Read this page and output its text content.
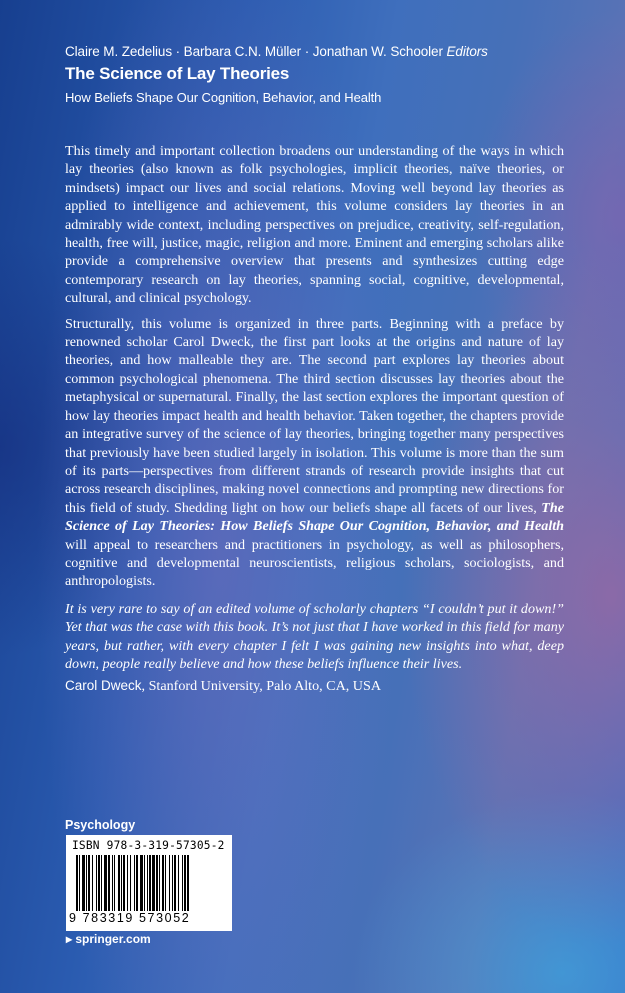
Claire M. Zedelius · Barbara C.N. Müller · Jonathan W. Schooler Editors
The Science of Lay Theories
How Beliefs Shape Our Cognition, Behavior, and Health

This timely and important collection broadens our understanding of the ways in which lay theories (also known as folk psychologies, implicit theories, naïve theories, or mindsets) impact our lives and social relations. Moving well beyond lay theories as applied to intelligence and achievement, this volume considers lay theories in an admirably wide context, including perspectives on prejudice, creativity, self-regulation, health, free will, justice, magic, religion and more. Eminent and emerging scholars alike provide a comprehensive overview that presents and synthesizes cutting edge contemporary research on lay theories, spanning social, cognitive, developmental, cultural, and clinical psychology.

Structurally, this volume is organized in three parts. Beginning with a preface by renowned scholar Carol Dweck, the first part looks at the origins and nature of lay theories, and how malleable they are. The second part explores lay theories about common psychological phenomena. The third section discusses lay theories about the metaphysical or supernatural. Finally, the last section explores the important question of how lay theories impact health and health behavior. Taken together, the chapters provide an integrative survey of the science of lay theories, bringing together many perspectives that previously have been studied largely in isolation. This volume is more than the sum of its parts—perspectives from different strands of research provide insights that cut across research disciplines, making novel connections and prompting new directions for this field of study. Shedding light on how our beliefs shape all facets of our lives, The Science of Lay Theories: How Beliefs Shape Our Cognition, Behavior, and Health will appeal to researchers and practitioners in psychology, as well as philosophers, cognitive and developmental neuroscientists, religious scholars, sociologists, and anthropologists.

It is very rare to say of an edited volume of scholarly chapters “I couldn’t put it down!” Yet that was the case with this book. It’s not just that I have worked in this field for many years, but rather, with every chapter I felt I was gaining new insights into what, deep down, people really believe and how these beliefs influence their lives.

Carol Dweck, Stanford University, Palo Alto, CA, USA

Psychology
ISBN 978-3-319-57305-2
9 783319 573052
▸ springer.com
